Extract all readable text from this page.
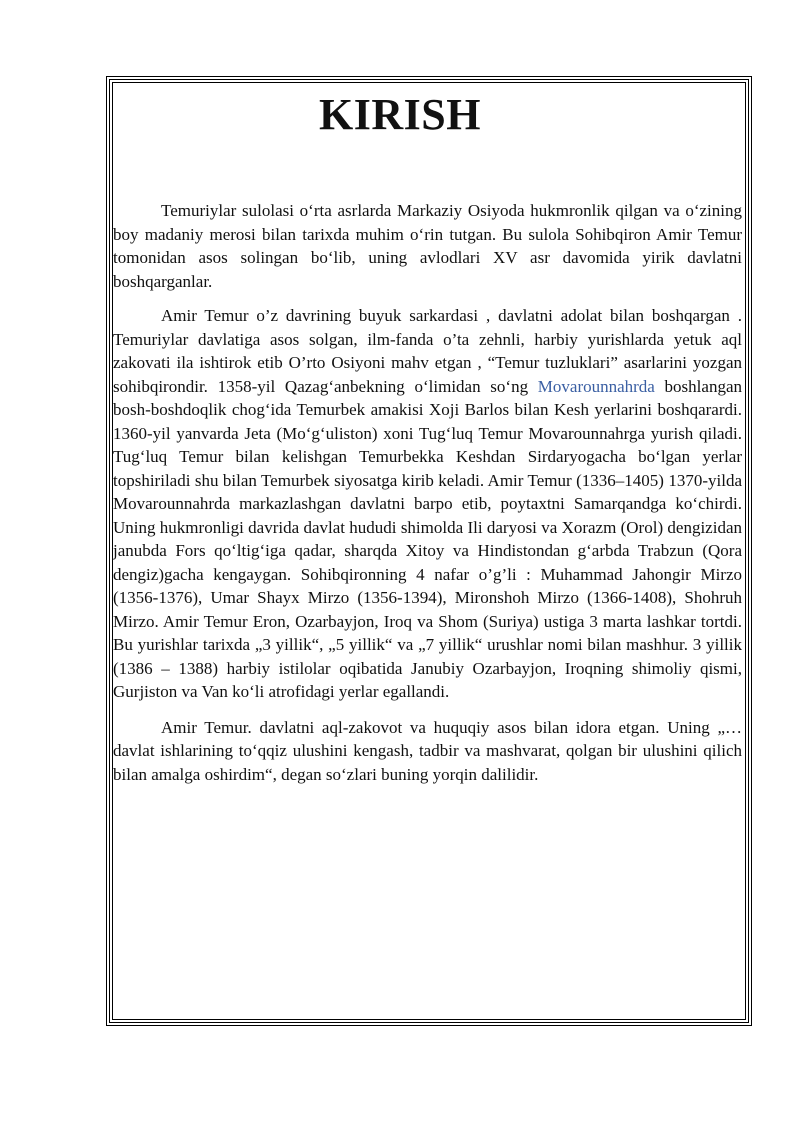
KIRISH

Temuriylar sulolasi o‘rta asrlarda Markaziy Osiyoda hukmronlik qilgan va o‘zining boy madaniy merosi bilan tarixda muhim o‘rin tutgan. Bu sulola Sohibqiron Amir Temur tomonidan asos solingan bo‘lib, uning avlodlari XV asr davomida yirik davlatni boshqarganlar.

Amir Temur o’z davrining buyuk sarkardasi , davlatni adolat bilan boshqargan . Temuriylar davlatiga asos solgan, ilm-fanda o’ta zehnli, harbiy yurishlarda yetuk aql zakovati ila ishtirok etib O’rto Osiyoni mahv etgan , “Temur tuzluklari” asarlarini yozgan sohibqirondir. 1358-yil Qazag‘anbekning o‘limidan so‘ng Movarounnahrda boshlangan bosh-boshdoqlik chog‘ida Temurbek amakisi Xoji Barlos bilan Kesh yerlarini boshqarardi. 1360-yil yanvarda Jeta (Mo‘g‘uliston) xoni Tug‘luq Temur Movarounnahrga yurish qiladi. Tug‘luq Temur bilan kelishgan Temurbekka Keshdan Sirdaryogacha bo‘lgan yerlar topshiriladi shu bilan Temurbek siyosatga kirib keladi. Amir Temur (1336–1405) 1370-yilda Movarounnahrda markazlashgan davlatni barpo etib, poytaxtni Samarqandga ko‘chirdi. Uning hukmronligi davrida davlat hududi shimolda Ili daryosi va Xorazm (Orol) dengizidan janubda Fors qo‘ltig‘iga qadar, sharqda Xitoy va Hindistondan g‘arbda Trabzun (Qora dengiz)gacha kengaygan. Sohibqironning 4 nafar o’g’li : Muhammad Jahongir Mirzo (1356-1376), Umar Shayx Mirzo (1356-1394), Mironshoh Mirzo (1366-1408), Shohruh Mirzo. Amir Temur Eron, Ozarbayjon, Iroq va Shom (Suriya) ustiga 3 marta lashkar tortdi. Bu yurishlar tarixda „3 yillik“, „5 yillik“ va „7 yillik“ urushlar nomi bilan mashhur. 3 yillik (1386 – 1388) harbiy istilolar oqibatida Janubiy Ozarbayjon, Iroqning shimoliy qismi, Gurjiston va Van ko‘li atrofidagi yerlar egallandi.

Amir Temur. davlatni aql-zakovot va huquqiy asos bilan idora etgan. Uning „… davlat ishlarining to‘qqiz ulushini kengash, tadbir va mashvarat, qolgan bir ulushini qilich bilan amalga oshirdim“, degan so‘zlari buning yorqin dalilidir.
